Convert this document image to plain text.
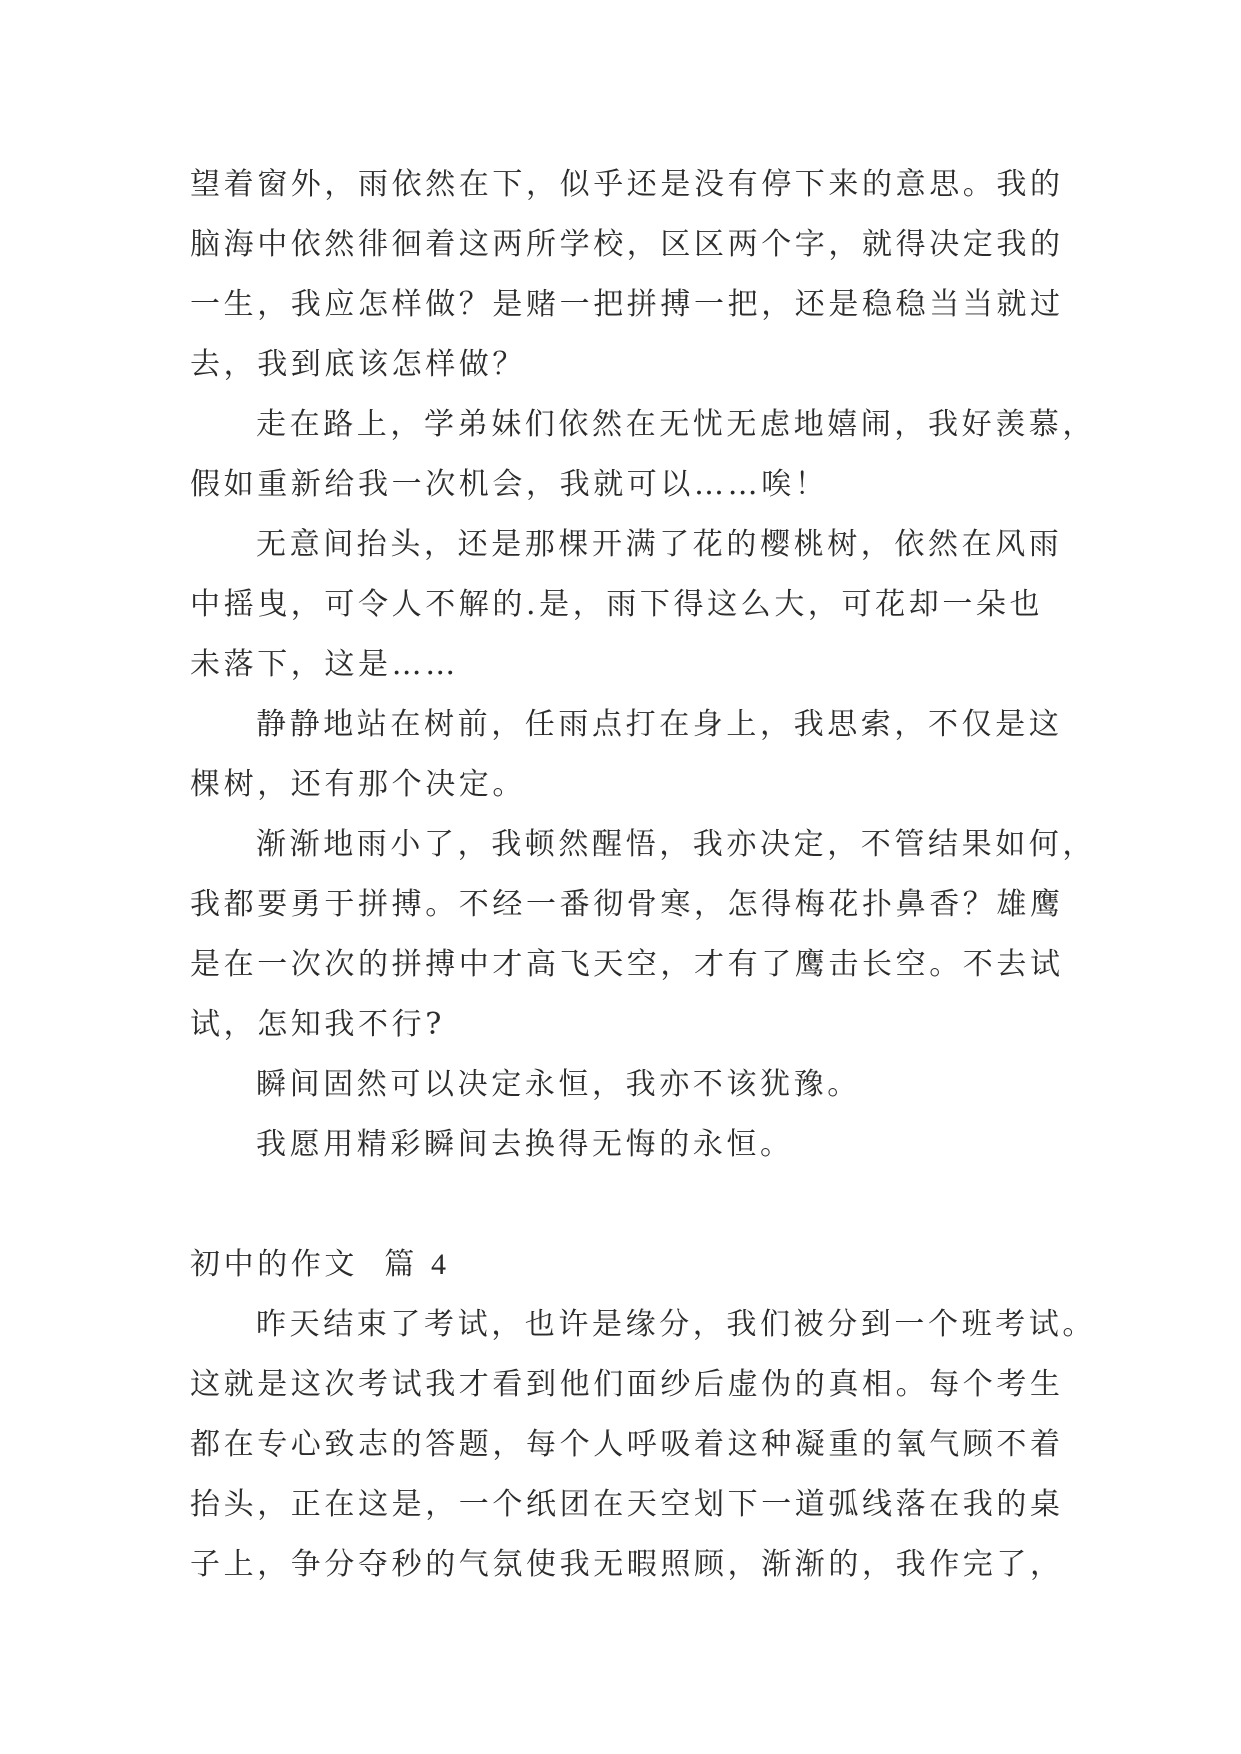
望着窗外，雨依然在下，似乎还是没有停下来的意思。我的

脑海中依然徘徊着这两所学校，区区两个字，就得决定我的

一生，我应怎样做？是赌一把拼搏一把，还是稳稳当当就过

去，我到底该怎样做？

走在路上，学弟妹们依然在无忧无虑地嬉闹，我好羡慕，

假如重新给我一次机会，我就可以……唉！

无意间抬头，还是那棵开满了花的樱桃树，依然在风雨

中摇曳，可令人不解的.是，雨下得这么大，可花却一朵也

未落下，这是……

静静地站在树前，任雨点打在身上，我思索，不仅是这

棵树，还有那个决定。

渐渐地雨小了，我顿然醒悟，我亦决定，不管结果如何，

我都要勇于拼搏。不经一番彻骨寒，怎得梅花扑鼻香？雄鹰

是在一次次的拼搏中才高飞天空，才有了鹰击长空。不去试

试，怎知我不行?

瞬间固然可以决定永恒，我亦不该犹豫。

我愿用精彩瞬间去换得无悔的永恒。

初中的作文 篇 4

昨天结束了考试，也许是缘分，我们被分到一个班考试。

这就是这次考试我才看到他们面纱后虚伪的真相。每个考生

都在专心致志的答题，每个人呼吸着这种凝重的氧气顾不着

抬头，正在这是，一个纸团在天空划下一道弧线落在我的桌

子上，争分夺秒的气氛使我无暇照顾，渐渐的，我作完了，
